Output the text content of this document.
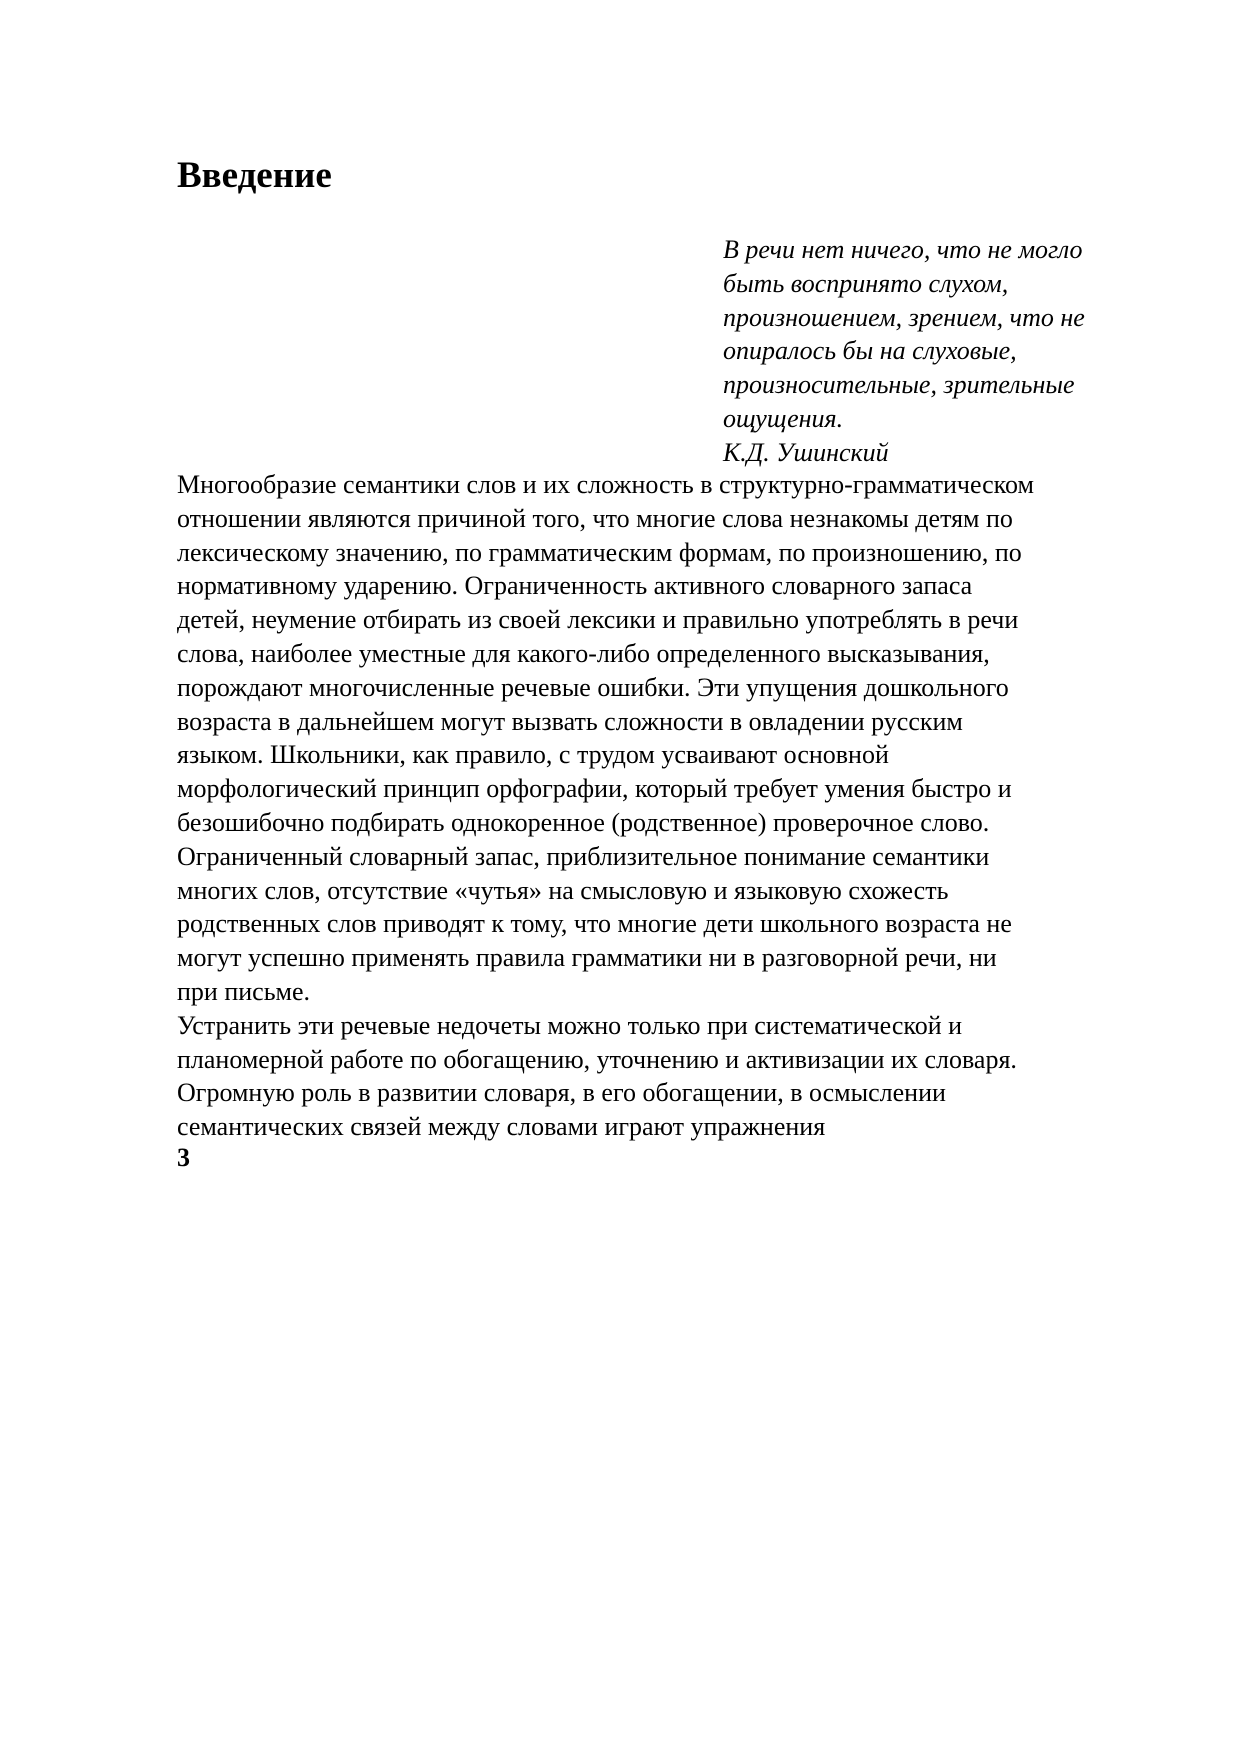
Введение
В речи нет ничего, что не могло
быть воспринято слухом,
произношением, зрением, что не
опиралось бы на слуховые,
произносительные, зрительные
ощущения.
К.Д. Ушинский
Многообразие семантики слов и их сложность в структурно-грамматическом
отношении являются причиной того, что многие слова незнакомы детям по
лексическому значению, по грамматическим формам, по произношению, по
нормативному ударению. Ограниченность активного словарного запаса
детей, неумение отбирать из своей лексики и правильно употреблять в речи
слова, наиболее уместные для какого-либо определенного высказывания,
порождают многочисленные речевые ошибки. Эти упущения дошкольного
возраста в дальнейшем могут вызвать сложности в овладении русским
языком. Школьники, как правило, с трудом усваивают основной
морфологический принцип орфографии, который требует умения быстро и
безошибочно подбирать однокоренное (родственное) проверочное слово.
Ограниченный словарный запас, приблизительное понимание семантики
многих слов, отсутствие «чутья» на смысловую и языковую схожесть
родственных слов приводят к тому, что многие дети школьного возраста не
могут успешно применять правила грамматики ни в разговорной речи, ни
при письме.
Устранить эти речевые недочеты можно только при систематической и
планомерной работе по обогащению, уточнению и активизации их словаря.
Огромную роль в развитии словаря, в его обогащении, в осмыслении
семантических связей между словами играют упражнения
3
